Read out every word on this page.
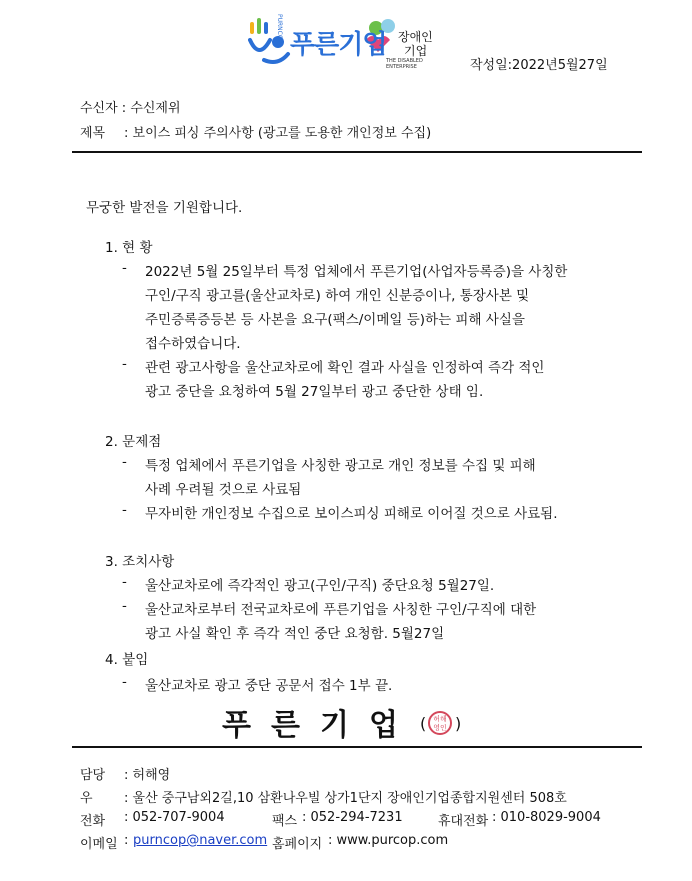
PURNCOP
푸른기업 장애인
기업
THE DISABLED
ENTERPRISE	작성일:2022년5월27일
수신자 : 수신제위
제목 : 보이스 피싱 주의사항 (광고를 도용한 개인정보 수집)
무궁한 발전을 기원합니다.
1. 현 황
- 2022년 5월 25일부터 특정 업체에서 푸른기업(사업자등록증)을 사칭한
구인/구직 광고를(울산교차로) 하여 개인 신분증이나, 통장사본 및
주민증록증등본 등 사본을 요구(팩스/이메일 등)하는 피해 사실을
접수하였습니다.
- 관련 광고사항을 울산교차로에 확인 결과 사실을 인정하여 즉각 적인
광고 중단을 요청하여 5월 27일부터 광고 중단한 상태 임.
2. 문제점
- 특정 업체에서 푸른기업을 사칭한 광고로 개인 정보를 수집 및 피해
사례 우려될 것으로 사료됨
- 무자비한 개인정보 수집으로 보이스피싱 피해로 이어질 것으로 사료됨.
3. 조치사항
- 울산교차로에 즉각적인 광고(구인/구직) 중단요청 5월27일.
- 울산교차로부터 전국교차로에 푸른기업을 사칭한 구인/구직에 대한
광고 사실 확인 후 즉각 적인 중단 요청함. 5월27일
4. 붙임
- 울산교차로 광고 중단 공문서 접수 1부 끝.
푸른기업 ( 허해영인 )
담당 : 허해영
우 : 울산 중구남외2길,10 삼환나우빌 상가1단지 장애인기업종합지원센터 508호
전화 : 052-707-9004	팩스 : 052-294-7231	휴대전화 : 010-8029-9004
이메일 : purncop@naver.com 홈페이지 : www.purcop.com
